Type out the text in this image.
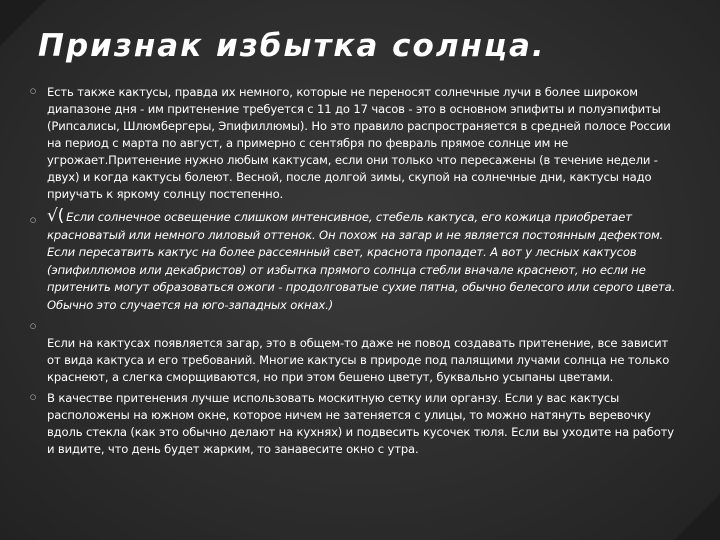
Признак избытка солнца.
○ Есть также кактусы, правда их немного, которые не переносят солнечные лучи в более широком диапазоне дня - им притенение требуется с 11 до 17 часов - это в основном эпифиты и полуэпифиты (Рипсалисы, Шлюмбергеры, Эпифиллюмы). Но это правило распространяется в средней полосе России на период с марта по август, а примерно с сентября по февраль прямое солнце им не угрожает.Притенение нужно любым кактусам, если они только что пересажены (в течение недели - двух) и когда кактусы болеют. Весной, после долгой зимы, скупой на солнечные дни, кактусы надо приучать к яркому солнцу постепенно.
○ √( Если солнечное освещение слишком интенсивное, стебель кактуса, его кожица приобретает красноватый или немного лиловый оттенок. Он похож на загар и не является постоянным дефектом. Если пересатвить кактус на более рассеянный свет, краснота пропадет. А вот у лесных кактусов (эпифиллюмов или декабристов) от избытка прямого солнца стебли вначале краснеют, но если не притенить могут образоваться ожоги - продолговатые сухие пятна, обычно белесого или серого цвета. Обычно это случается на юго-западных окнах.)
○
Если на кактусах появляется загар, это в общем-то даже не повод создавать притенение, все зависит от вида кактуса и его требований. Многие кактусы в природе под палящими лучами солнца не только краснеют, а слегка сморщиваются, но при этом бешено цветут, буквально усыпаны цветами.
○ В качестве притенения лучше использовать москитную сетку или органзу. Если у вас кактусы расположены на южном окне, которое ничем не затеняется с улицы, то можно натянуть веревочку вдоль стекла (как это обычно делают на кухнях) и подвесить кусочек тюля. Если вы уходите на работу и видите, что день будет жарким, то занавесите окно с утра.
